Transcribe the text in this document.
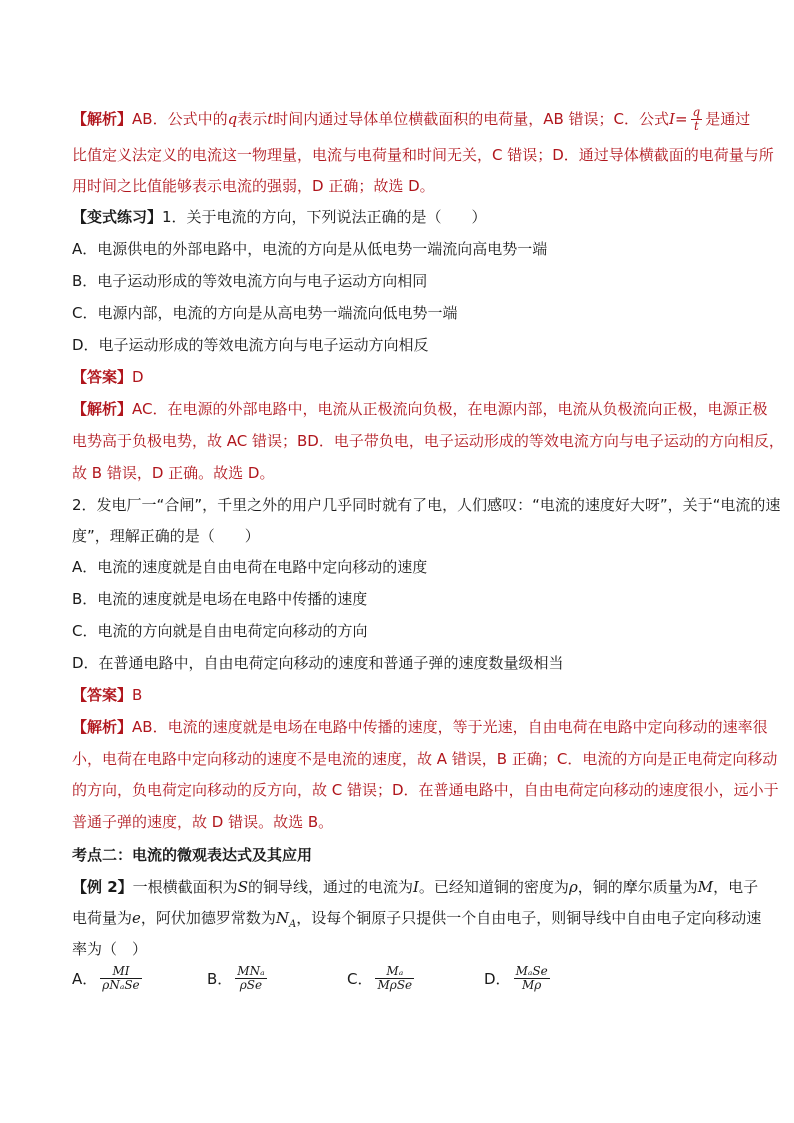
【解析】AB．公式中的q表示t时间内通过导体单位横截面积的电荷量，AB 错误；C．公式$I= \frac{q}{t}$ 是通过
比值定义法定义的电流这一物理量，电流与电荷量和时间无关，C 错误；D．通过导体横截面的电荷量与所
用时间之比值能够表示电流的强弱，D 正确；故选 D。
【变式练习】1．关于电流的方向，下列说法正确的是（　　）
A．电源供电的外部电路中，电流的方向是从低电势一端流向高电势一端
B．电子运动形成的等效电流方向与电子运动方向相同
C．电源内部，电流的方向是从高电势一端流向低电势一端
D．电子运动形成的等效电流方向与电子运动方向相反
【答案】D
【解析】AC．在电源的外部电路中，电流从正极流向负极，在电源内部，电流从负极流向正极，电源正极
电势高于负极电势，故 AC 错误；BD．电子带负电，电子运动形成的等效电流方向与电子运动的方向相反，
故 B 错误，D 正确。故选 D。
2．发电厂一“合闸”，千里之外的用户几乎同时就有了电，人们感叹：“电流的速度好大呀”，关于“电流的速
度”，理解正确的是（　　）
A．电流的速度就是自由电荷在电路中定向移动的速度
B．电流的速度就是电场在电路中传播的速度
C．电流的方向就是自由电荷定向移动的方向
D．在普通电路中，自由电荷定向移动的速度和普通子弹的速度数量级相当
【答案】B
【解析】AB．电流的速度就是电场在电路中传播的速度，等于光速，自由电荷在电路中定向移动的速率很
小，电荷在电路中定向移动的速度不是电流的速度，故 A 错误，B 正确；C．电流的方向是正电荷定向移动
的方向，负电荷定向移动的反方向，故 C 错误；D．在普通电路中，自由电荷定向移动的速度很小，远小于
普通子弹的速度，故 D 错误。故选 B。
考点二：电流的微观表达式及其应用
【例 2】一根横截面积为S的铜导线，通过的电流为I。已经知道铜的密度为ρ，铜的摩尔质量为M，电子
电荷量为e，阿伏加德罗常数为$N_A$，设每个铜原子只提供一个自由电子，则铜导线中自由电子定向移动速
率为（　）
A． $\frac{MI}{\text{ρNₐSe}}$	B． $\frac{\text{MNₐ}}{\text{ρSe}}$	C． $\frac{\text{Mₐ}}{\text{MρSe}}$	D． $\frac{\text{MₐSe}}{M\rho}$
